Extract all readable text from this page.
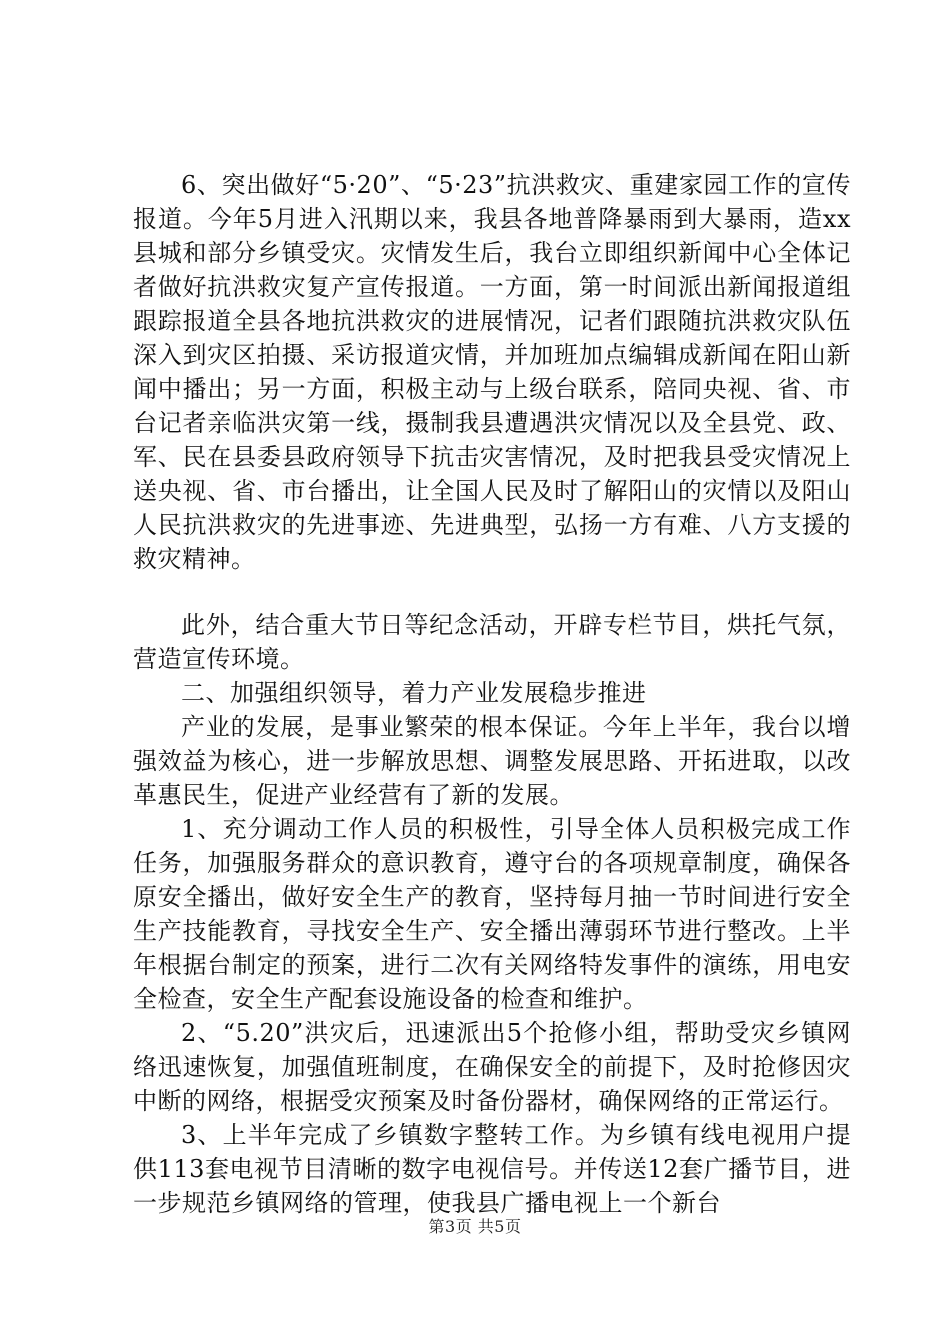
6、突出做好“5·20”、“5·23”抗洪救灾、重建家园工作的宣传报道。今年5月进入汛期以来，我县各地普降暴雨到大暴雨，造xx县城和部分乡镇受灾。灾情发生后，我台立即组织新闻中心全体记者做好抗洪救灾复产宣传报道。一方面，第一时间派出新闻报道组跟踪报道全县各地抗洪救灾的进展情况，记者们跟随抗洪救灾队伍深入到灾区拍摄、采访报道灾情，并加班加点编辑成新闻在阳山新闻中播出；另一方面，积极主动与上级台联系，陪同央视、省、市台记者亲临洪灾第一线，摄制我县遭遇洪灾情况以及全县党、政、军、民在县委县政府领导下抗击灾害情况，及时把我县受灾情况上送央视、省、市台播出，让全国人民及时了解阳山的灾情以及阳山人民抗洪救灾的先进事迹、先进典型，弘扬一方有难、八方支援的救灾精神。

此外，结合重大节日等纪念活动，开辟专栏节目，烘托气氛，营造宣传环境。

二、加强组织领导，着力产业发展稳步推进

产业的发展，是事业繁荣的根本保证。今年上半年，我台以增强效益为核心，进一步解放思想、调整发展思路、开拓进取，以改革惠民生，促进产业经营有了新的发展。

1、充分调动工作人员的积极性，引导全体人员积极完成工作任务，加强服务群众的意识教育，遵守台的各项规章制度，确保各原安全播出，做好安全生产的教育，坚持每月抽一节时间进行安全生产技能教育，寻找安全生产、安全播出薄弱环节进行整改。上半年根据台制定的预案，进行二次有关网络特发事件的演练，用电安全检查，安全生产配套设施设备的检查和维护。

2、“5.20”洪灾后，迅速派出5个抢修小组，帮助受灾乡镇网络迅速恢复，加强值班制度，在确保安全的前提下，及时抢修因灾中断的网络，根据受灾预案及时备份器材，确保网络的正常运行。

3、上半年完成了乡镇数字整转工作。为乡镇有线电视用户提供113套电视节目清晰的数字电视信号。并传送12套广播节目，进一步规范乡镇网络的管理，使我县广播电视上一个新台

第3页 共5页
